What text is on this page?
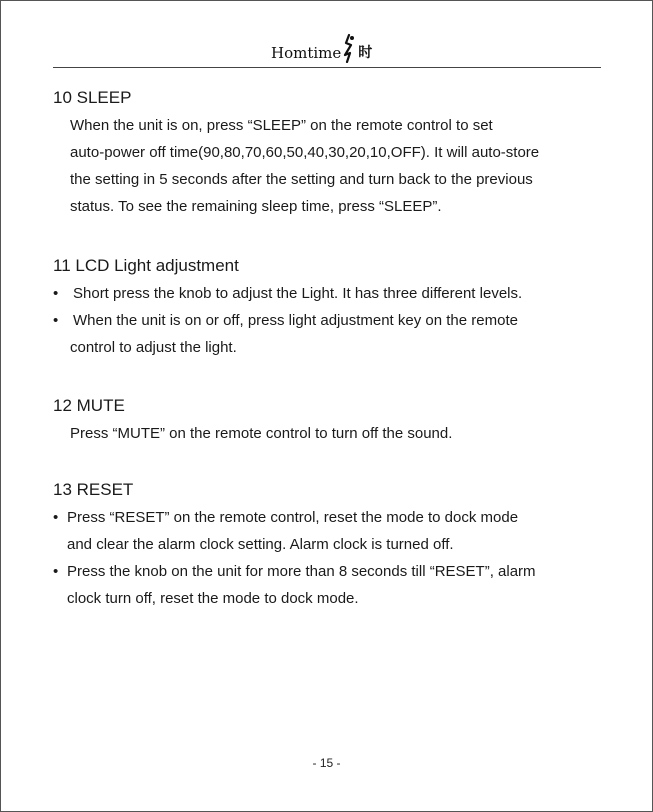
Homtime 时

10 SLEEP

When the unit is on, press “SLEEP” on the remote control to set
auto-power off time(90,80,70,60,50,40,30,20,10,OFF). It will auto-store
the setting in 5 seconds after the setting and turn back to the previous
status. To see the remaining sleep time, press “SLEEP”.

11 LCD Light adjustment

• Short press the knob to adjust the Light. It has three different levels.
• When the unit is on or off, press light adjustment key on the remote
control to adjust the light.

12 MUTE

Press “MUTE” on the remote control to turn off the sound.

13 RESET

• Press “RESET” on the remote control, reset the mode to dock mode
and clear the alarm clock setting. Alarm clock is turned off.
• Press the knob on the unit for more than 8 seconds till “RESET”, alarm
clock turn off, reset the mode to dock mode.
- 15 -
